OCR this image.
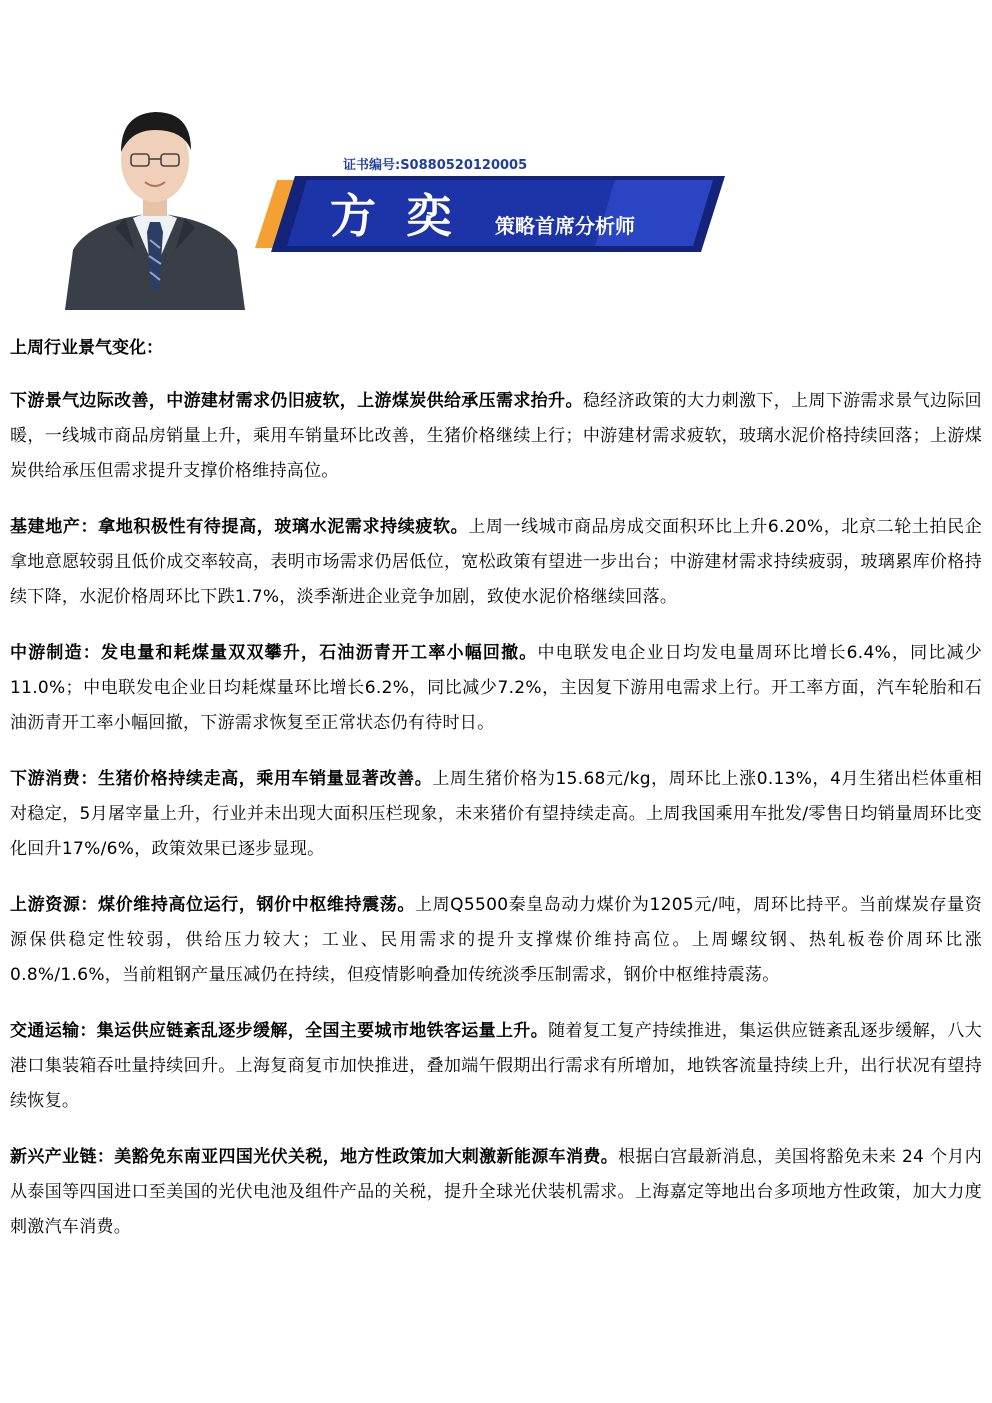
证书编号:S0880520120005
方奕 策略首席分析师
上周行业景气变化：

下游景气边际改善，中游建材需求仍旧疲软，上游煤炭供给承压需求抬升。稳经济政策的大力刺激下，上周下游需求景气边际回暖，一线城市商品房销量上升，乘用车销量环比改善，生猪价格继续上行；中游建材需求疲软，玻璃水泥价格持续回落；上游煤炭供给承压但需求提升支撑价格维持高位。

基建地产：拿地积极性有待提高，玻璃水泥需求持续疲软。上周一线城市商品房成交面积环比上升6.20%，北京二轮土拍民企拿地意愿较弱且低价成交率较高，表明市场需求仍居低位，宽松政策有望进一步出台；中游建材需求持续疲弱，玻璃累库价格持续下降，水泥价格周环比下跌1.7%，淡季渐进企业竞争加剧，致使水泥价格继续回落。

中游制造：发电量和耗煤量双双攀升，石油沥青开工率小幅回撤。中电联发电企业日均发电量周环比增长6.4%，同比减少11.0%；中电联发电企业日均耗煤量环比增长6.2%，同比减少7.2%，主因复下游用电需求上行。开工率方面，汽车轮胎和石油沥青开工率小幅回撤，下游需求恢复至正常状态仍有待时日。

下游消费：生猪价格持续走高，乘用车销量显著改善。上周生猪价格为15.68元/kg，周环比上涨0.13%，4月生猪出栏体重相对稳定，5月屠宰量上升，行业并未出现大面积压栏现象，未来猪价有望持续走高。上周我国乘用车批发/零售日均销量周环比变化回升17%/6%，政策效果已逐步显现。

上游资源：煤价维持高位运行，钢价中枢维持震荡。上周Q5500秦皇岛动力煤价为1205元/吨，周环比持平。当前煤炭存量资源保供稳定性较弱，供给压力较大；工业、民用需求的提升支撑煤价维持高位。上周螺纹钢、热轧板卷价周环比涨0.8%/1.6%，当前粗钢产量压减仍在持续，但疫情影响叠加传统淡季压制需求，钢价中枢维持震荡。

交通运输：集运供应链紊乱逐步缓解，全国主要城市地铁客运量上升。随着复工复产持续推进，集运供应链紊乱逐步缓解，八大港口集装箱吞吐量持续回升。上海复商复市加快推进，叠加端午假期出行需求有所增加，地铁客流量持续上升，出行状况有望持续恢复。

新兴产业链：美豁免东南亚四国光伏关税，地方性政策加大刺激新能源车消费。根据白宫最新消息，美国将豁免未来 24 个月内从泰国等四国进口至美国的光伏电池及组件产品的关税，提升全球光伏装机需求。上海嘉定等地出台多项地方性政策，加大力度刺激汽车消费。
